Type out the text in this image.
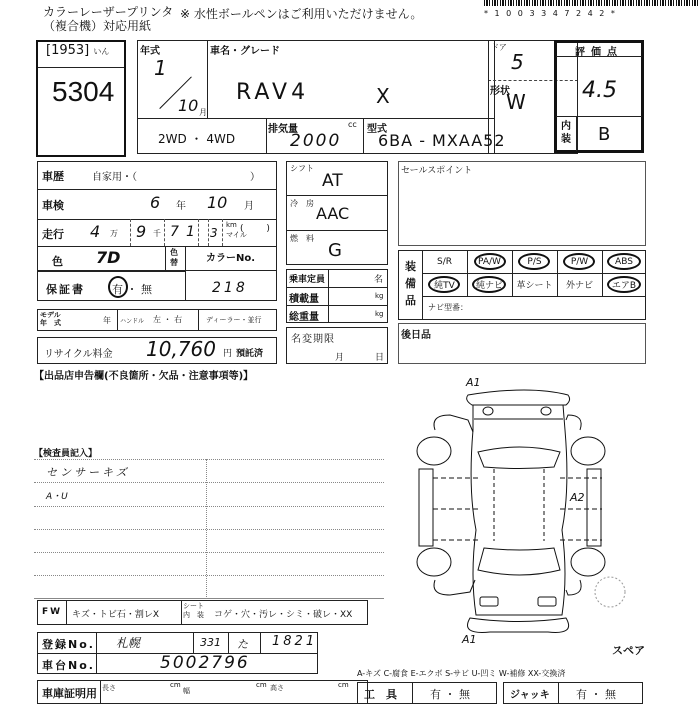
カラーレーザープリンタ
（複合機）対応用紙
※ 水性ボールペンはご利用いただけません。	* 1 0 0 3 3 4 7 2 4 2 *
[1953] いん
5304
年式
1
10 月
車名・グレード
RAV4	X
ドア
5
形状
W
2WD ・ 4WD
排気量	cc
2000
型式
6BA - MXAA52
評価点
4.5
内
装 B
車歴	自家用・（	）
車検	6 年 10 月
走行 4 万 9 千 7 1 3
km
マイル
(        )
色 7D	色
替	カラーNo.
218
保証書 有 ・ 無
モデル
年　式	年 ハンドル 左 ・ 右	ディーラー・並行
リサイクル料金 10,760 円 預託済
シフト
AT
冷　房
AAC
燃　料
G
乗車定員	名
積載量	kg
総重量	kg
名変期限
月	日
セールスポイント
装備品
S/R	PA/W	P/S	P/W	ABS
純TV 純ナビ 革シート 外ナビ エアB
ナビ型番：
後日品
【出品店申告欄(不良箇所・欠品・注意事項等)】
【検査員記入】
センサーキズ
A・U
A1
A2
A1
スペア
FW キズ・トビ石・割レX
シート
内　装 コゲ・穴・汚レ・シミ・破レ・XX
登録No. 札幌	331 た 1821
車台No.	5002796
車庫証明用 長さ	cm
幅
cm 高さ	cm
A-キズ C-腐食 E-エクボ S-サビ U-凹ミ W-補修 XX-交換済
工　具	有 ・ 無	ジャッキ 有 ・ 無
